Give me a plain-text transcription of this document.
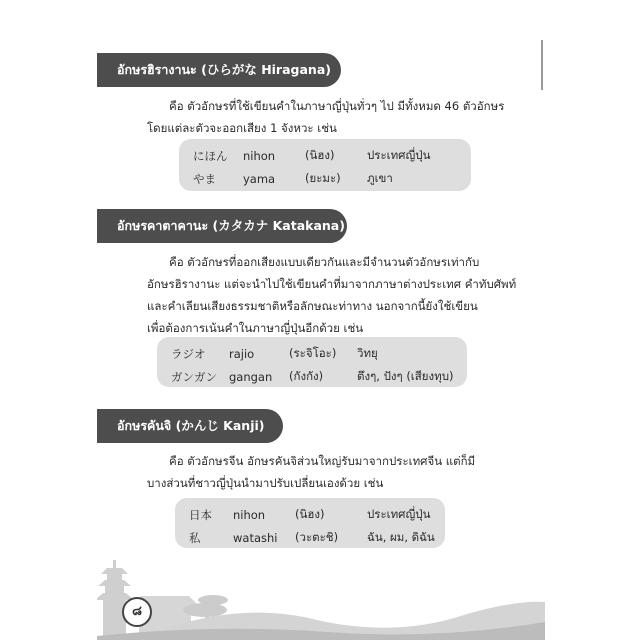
อักษรฮิรางานะ (ひらがな Hiragana)

คือ ตัวอักษรที่ใช้เขียนคำในภาษาญี่ปุ่นทั่วๆ ไป มีทั้งหมด 46 ตัวอักษร
โดยแต่ละตัวจะออกเสียง 1 จังหวะ เช่น

にほん	nihon	(นิฮง)	ประเทศญี่ปุ่น
やま	yama	(ยะมะ)	ภูเขา
อักษรคาตาคานะ (カタカナ Katakana)

คือ ตัวอักษรที่ออกเสียงแบบเดียวกันและมีจำนวนตัวอักษรเท่ากับ
อักษรฮิรางานะ แต่จะนำไปใช้เขียนคำที่มาจากภาษาต่างประเทศ คำทับศัพท์
และคำเลียนเสียงธรรมชาติหรือลักษณะท่าทาง นอกจากนี้ยังใช้เขียน
เพื่อต้องการเน้นคำในภาษาญี่ปุ่นอีกด้วย เช่น

ラジオ	rajio	(ระจิโอะ)	วิทยุ
ガンガン	gangan	(กังกัง)	ตึงๆ, ปังๆ (เสียงทุบ)
อักษรคันจิ (かんじ Kanji)

คือ ตัวอักษรจีน อักษรคันจิส่วนใหญ่รับมาจากประเทศจีน แต่ก็มี
บางส่วนที่ชาวญี่ปุ่นนำมาปรับเปลี่ยนเองด้วย เช่น

日本	nihon	(นิฮง)	ประเทศญี่ปุ่น
私	watashi	(วะตะชิ)	ฉัน, ผม, ดิฉัน
๘
